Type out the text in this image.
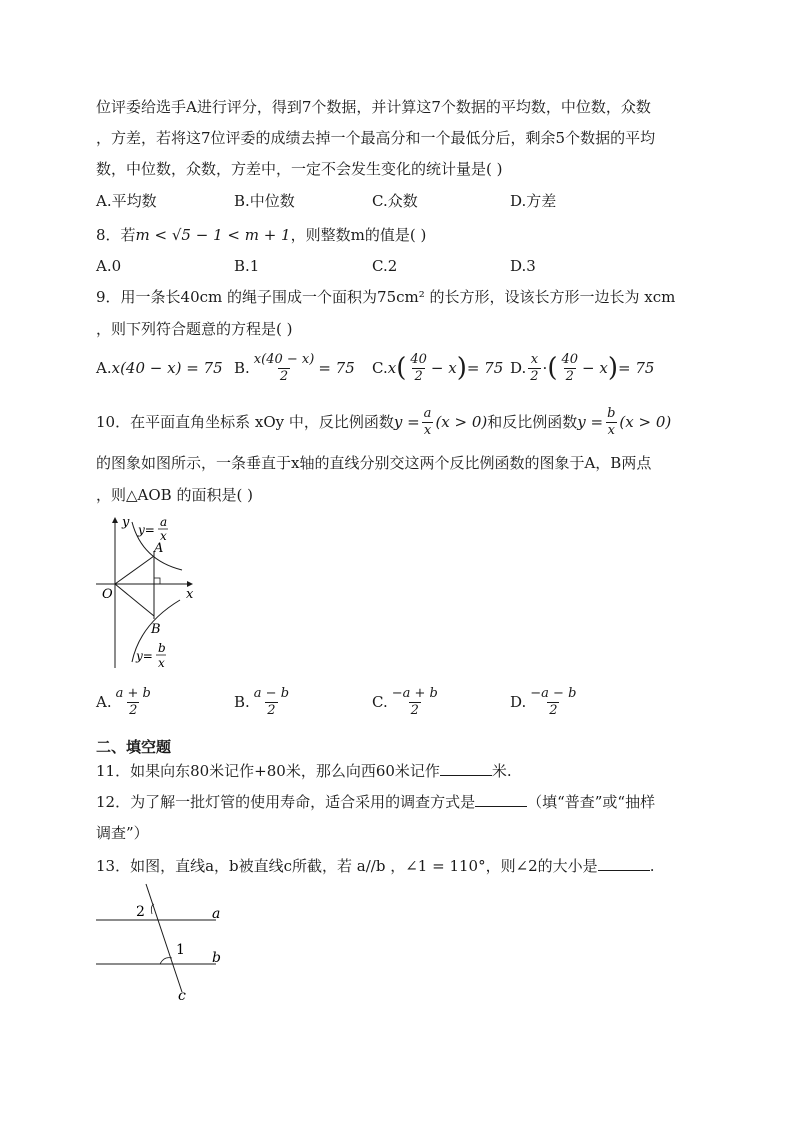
位评委给选手A进行评分，得到7个数据，并计算这7个数据的平均数，中位数，众数
，方差，若将这7位评委的成绩去掉一个最高分和一个最低分后，剩余5个数据的平均
数，中位数，众数，方差中，一定不会发生变化的统计量是( )
A.平均数	B.中位数	C.众数	D.方差
8．若m < √5 − 1 < m + 1，则整数m的值是( )
A.0	B.1	C.2	D.3
9．用一条长40cm 的绳子围成一个面积为75cm² 的长方形，设该长方形一边长为 xcm
，则下列符合题意的方程是( )
A. x(40 − x) = 75 B. $\frac{x(40 - x)}{2} = 75$ C. x ( $\frac{40}{2} - x$ ) = 75 D. $\frac{x}{2}$ · ( $\frac{40}{2} - x$ ) = 75
10．在平面直角坐标系 xOy 中，反比例函数 $y = \frac{a}{x} (x > 0)$ 和反比例函数 $y = \frac{b}{x} (x > 0)$
的图象如图所示，一条垂直于x轴的直线分别交这两个反比例函数的图象于A，B两点
，则△AOB 的面积是( )
y
x
O
A
B
y=
a
x
y=
b
x
A. $\frac{a + b}{2}$	B. $\frac{a - b}{2}$	C. $\frac{-a + b}{2}$	D. $\frac{-a - b}{2}$
二、填空题
11．如果向东80米记作+80米，那么向西60米记作	米.
12．为了解一批灯管的使用寿命，适合采用的调查方式是	（填“普查”或“抽样
调查”）
13．如图，直线a，b被直线c所截，若 a//b ，∠1 = 110°，则∠2的大小是	.
a
b
c
1
2
